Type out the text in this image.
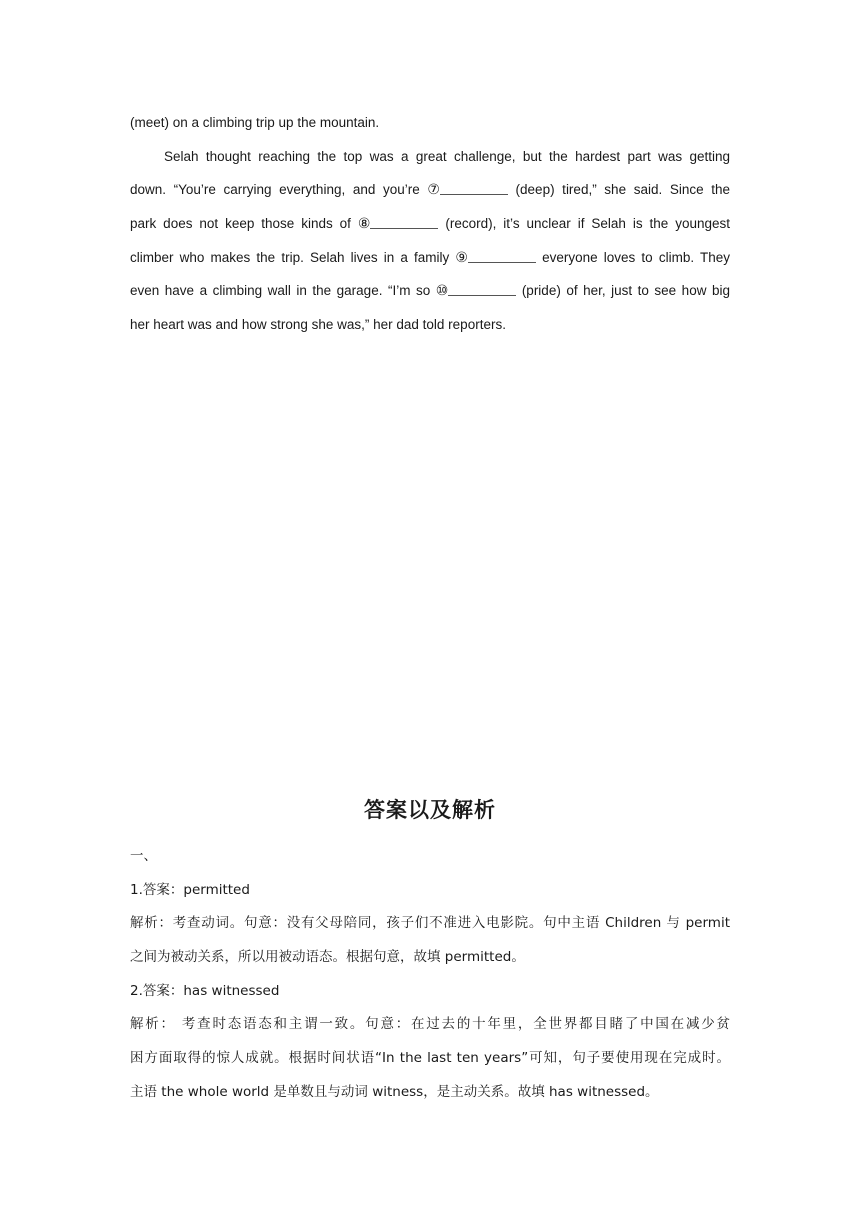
(meet) on a climbing trip up the mountain.
Selah thought reaching the top was a great challenge, but the hardest part was getting
down. “You’re carrying everything, and you’re ⑦	(deep) tired,” she said. Since the
park does not keep those kinds of ⑧	(record), it’s unclear if Selah is the youngest
climber who makes the trip. Selah lives in a family ⑨	everyone loves to climb. They
even have a climbing wall in the garage. “I’m so ⑩	(pride) of her, just to see how big
her heart was and how strong she was,” her dad told reporters.
答案以及解析
一、
1.答案：permitted
解析：考查动词。句意：没有父母陪同，孩子们不准进入电影院。句中主语 Children 与 permit
之间为被动关系，所以用被动语态。根据句意，故填 permitted。
2.答案：has witnessed
解析： 考查时态语态和主谓一致。句意：在过去的十年里，全世界都目睹了中国在减少贫
困方面取得的惊人成就。根据时间状语“In the last ten years”可知，句子要使用现在完成时。
主语 the whole world 是单数且与动词 witness，是主动关系。故填 has witnessed。
